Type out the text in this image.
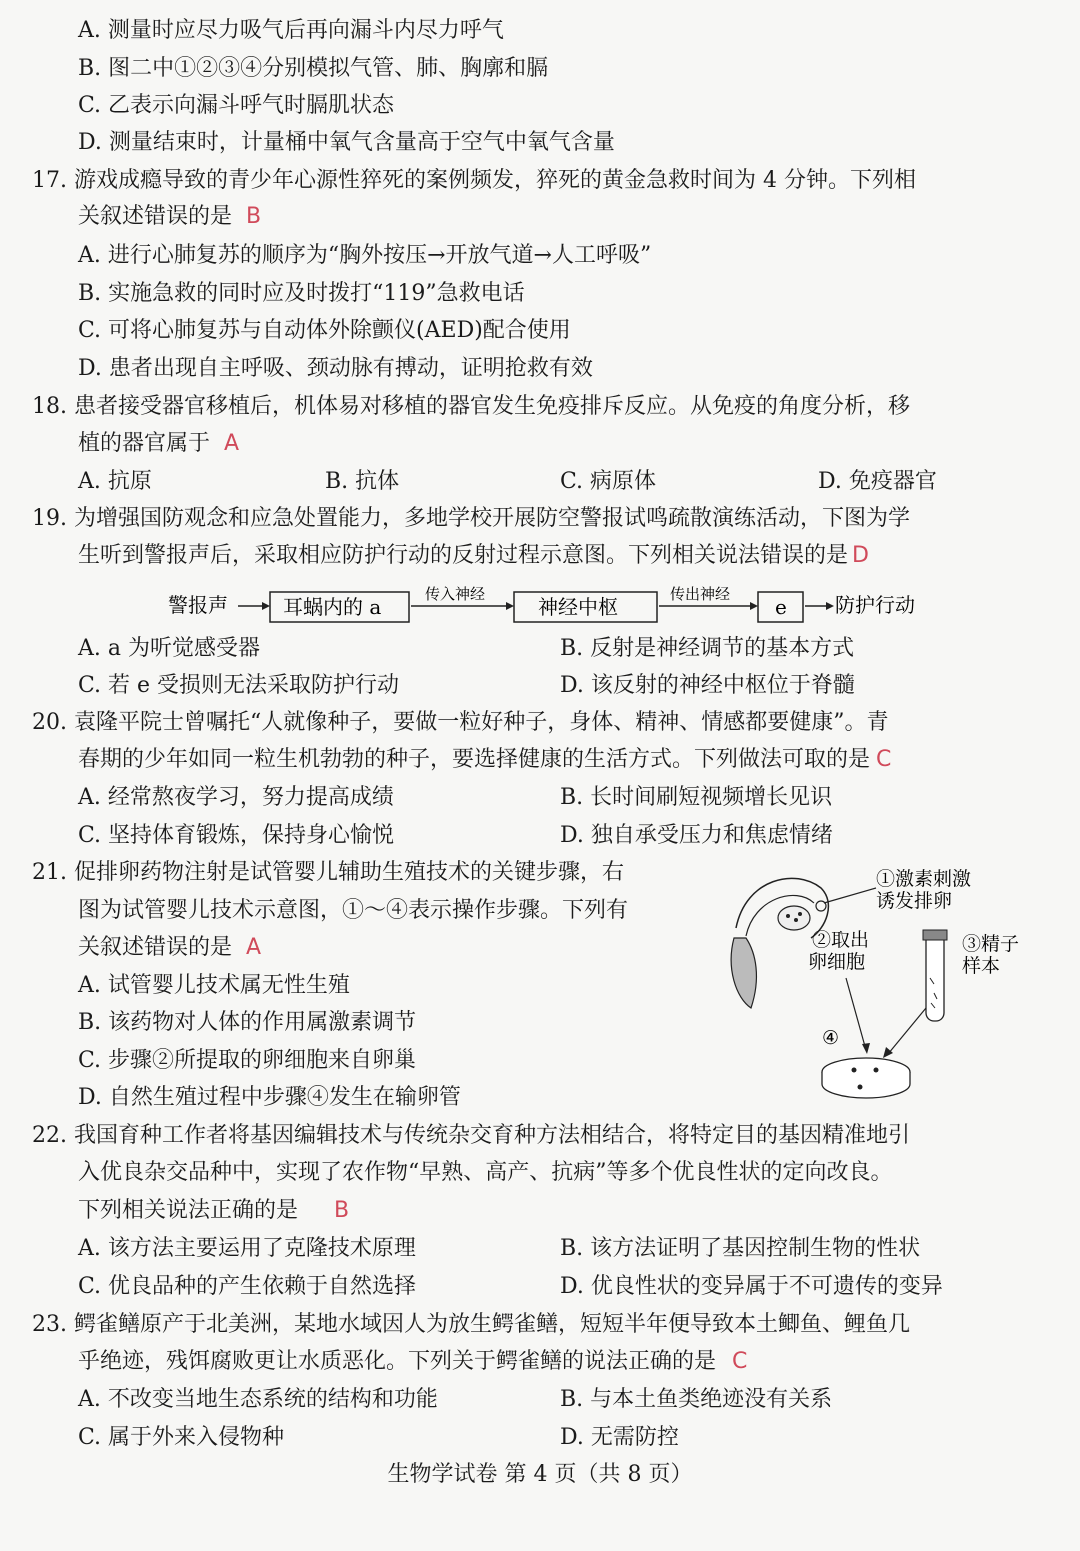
A. 测量时应尽力吸气后再向漏斗内尽力呼气
B. 图二中①②③④分别模拟气管、肺、胸廓和膈
C. 乙表示向漏斗呼气时膈肌状态
D. 测量结束时，计量桶中氧气含量高于空气中氧气含量
17. 游戏成瘾导致的青少年心源性猝死的案例频发，猝死的黄金急救时间为 4 分钟。下列相
关叙述错误的是 B
A. 进行心肺复苏的顺序为“胸外按压→开放气道→人工呼吸”
B. 实施急救的同时应及时拨打“119”急救电话
C. 可将心肺复苏与自动体外除颤仪(AED)配合使用
D. 患者出现自主呼吸、颈动脉有搏动，证明抢救有效
18. 患者接受器官移植后，机体易对移植的器官发生免疫排斥反应。从免疫的角度分析，移
植的器官属于 A
A. 抗原	B. 抗体	C. 病原体	D. 免疫器官
19. 为增强国防观念和应急处置能力，多地学校开展防空警报试鸣疏散演练活动，下图为学
生听到警报声后，采取相应防护行动的反射过程示意图。下列相关说法错误的是 D
警报声	耳蜗内的 a
传入神经
神经中枢
传出神经
e 防护行动
A. a 为听觉感受器	B. 反射是神经调节的基本方式
C. 若 e 受损则无法采取防护行动	D. 该反射的神经中枢位于脊髓
20. 袁隆平院士曾嘱托“人就像种子，要做一粒好种子，身体、精神、情感都要健康”。青
春期的少年如同一粒生机勃勃的种子，要选择健康的生活方式。下列做法可取的是 C
A. 经常熬夜学习，努力提高成绩	B. 长时间刷短视频增长见识
C. 坚持体育锻炼，保持身心愉悦	D. 独自承受压力和焦虑情绪
21. 促排卵药物注射是试管婴儿辅助生殖技术的关键步骤，右
图为试管婴儿技术示意图，①～④表示操作步骤。下列有
关叙述错误的是 A
A. 试管婴儿技术属无性生殖
B. 该药物对人体的作用属激素调节
C. 步骤②所提取的卵细胞来自卵巢
D. 自然生殖过程中步骤④发生在输卵管
①激素刺激
诱发排卵
②取出
卵细胞
③精子
样本
④
22. 我国育种工作者将基因编辑技术与传统杂交育种方法相结合，将特定目的基因精准地引
入优良杂交品种中，实现了农作物“早熟、高产、抗病”等多个优良性状的定向改良。
下列相关说法正确的是 B
A. 该方法主要运用了克隆技术原理	B. 该方法证明了基因控制生物的性状
C. 优良品种的产生依赖于自然选择	D. 优良性状的变异属于不可遗传的变异
23. 鳄雀鳝原产于北美洲，某地水域因人为放生鳄雀鳝，短短半年便导致本土鲫鱼、鲤鱼几
乎绝迹，残饵腐败更让水质恶化。下列关于鳄雀鳝的说法正确的是 C
A. 不改变当地生态系统的结构和功能	B. 与本土鱼类绝迹没有关系
C. 属于外来入侵物种	D. 无需防控
生物学试卷 第 4 页（共 8 页）
